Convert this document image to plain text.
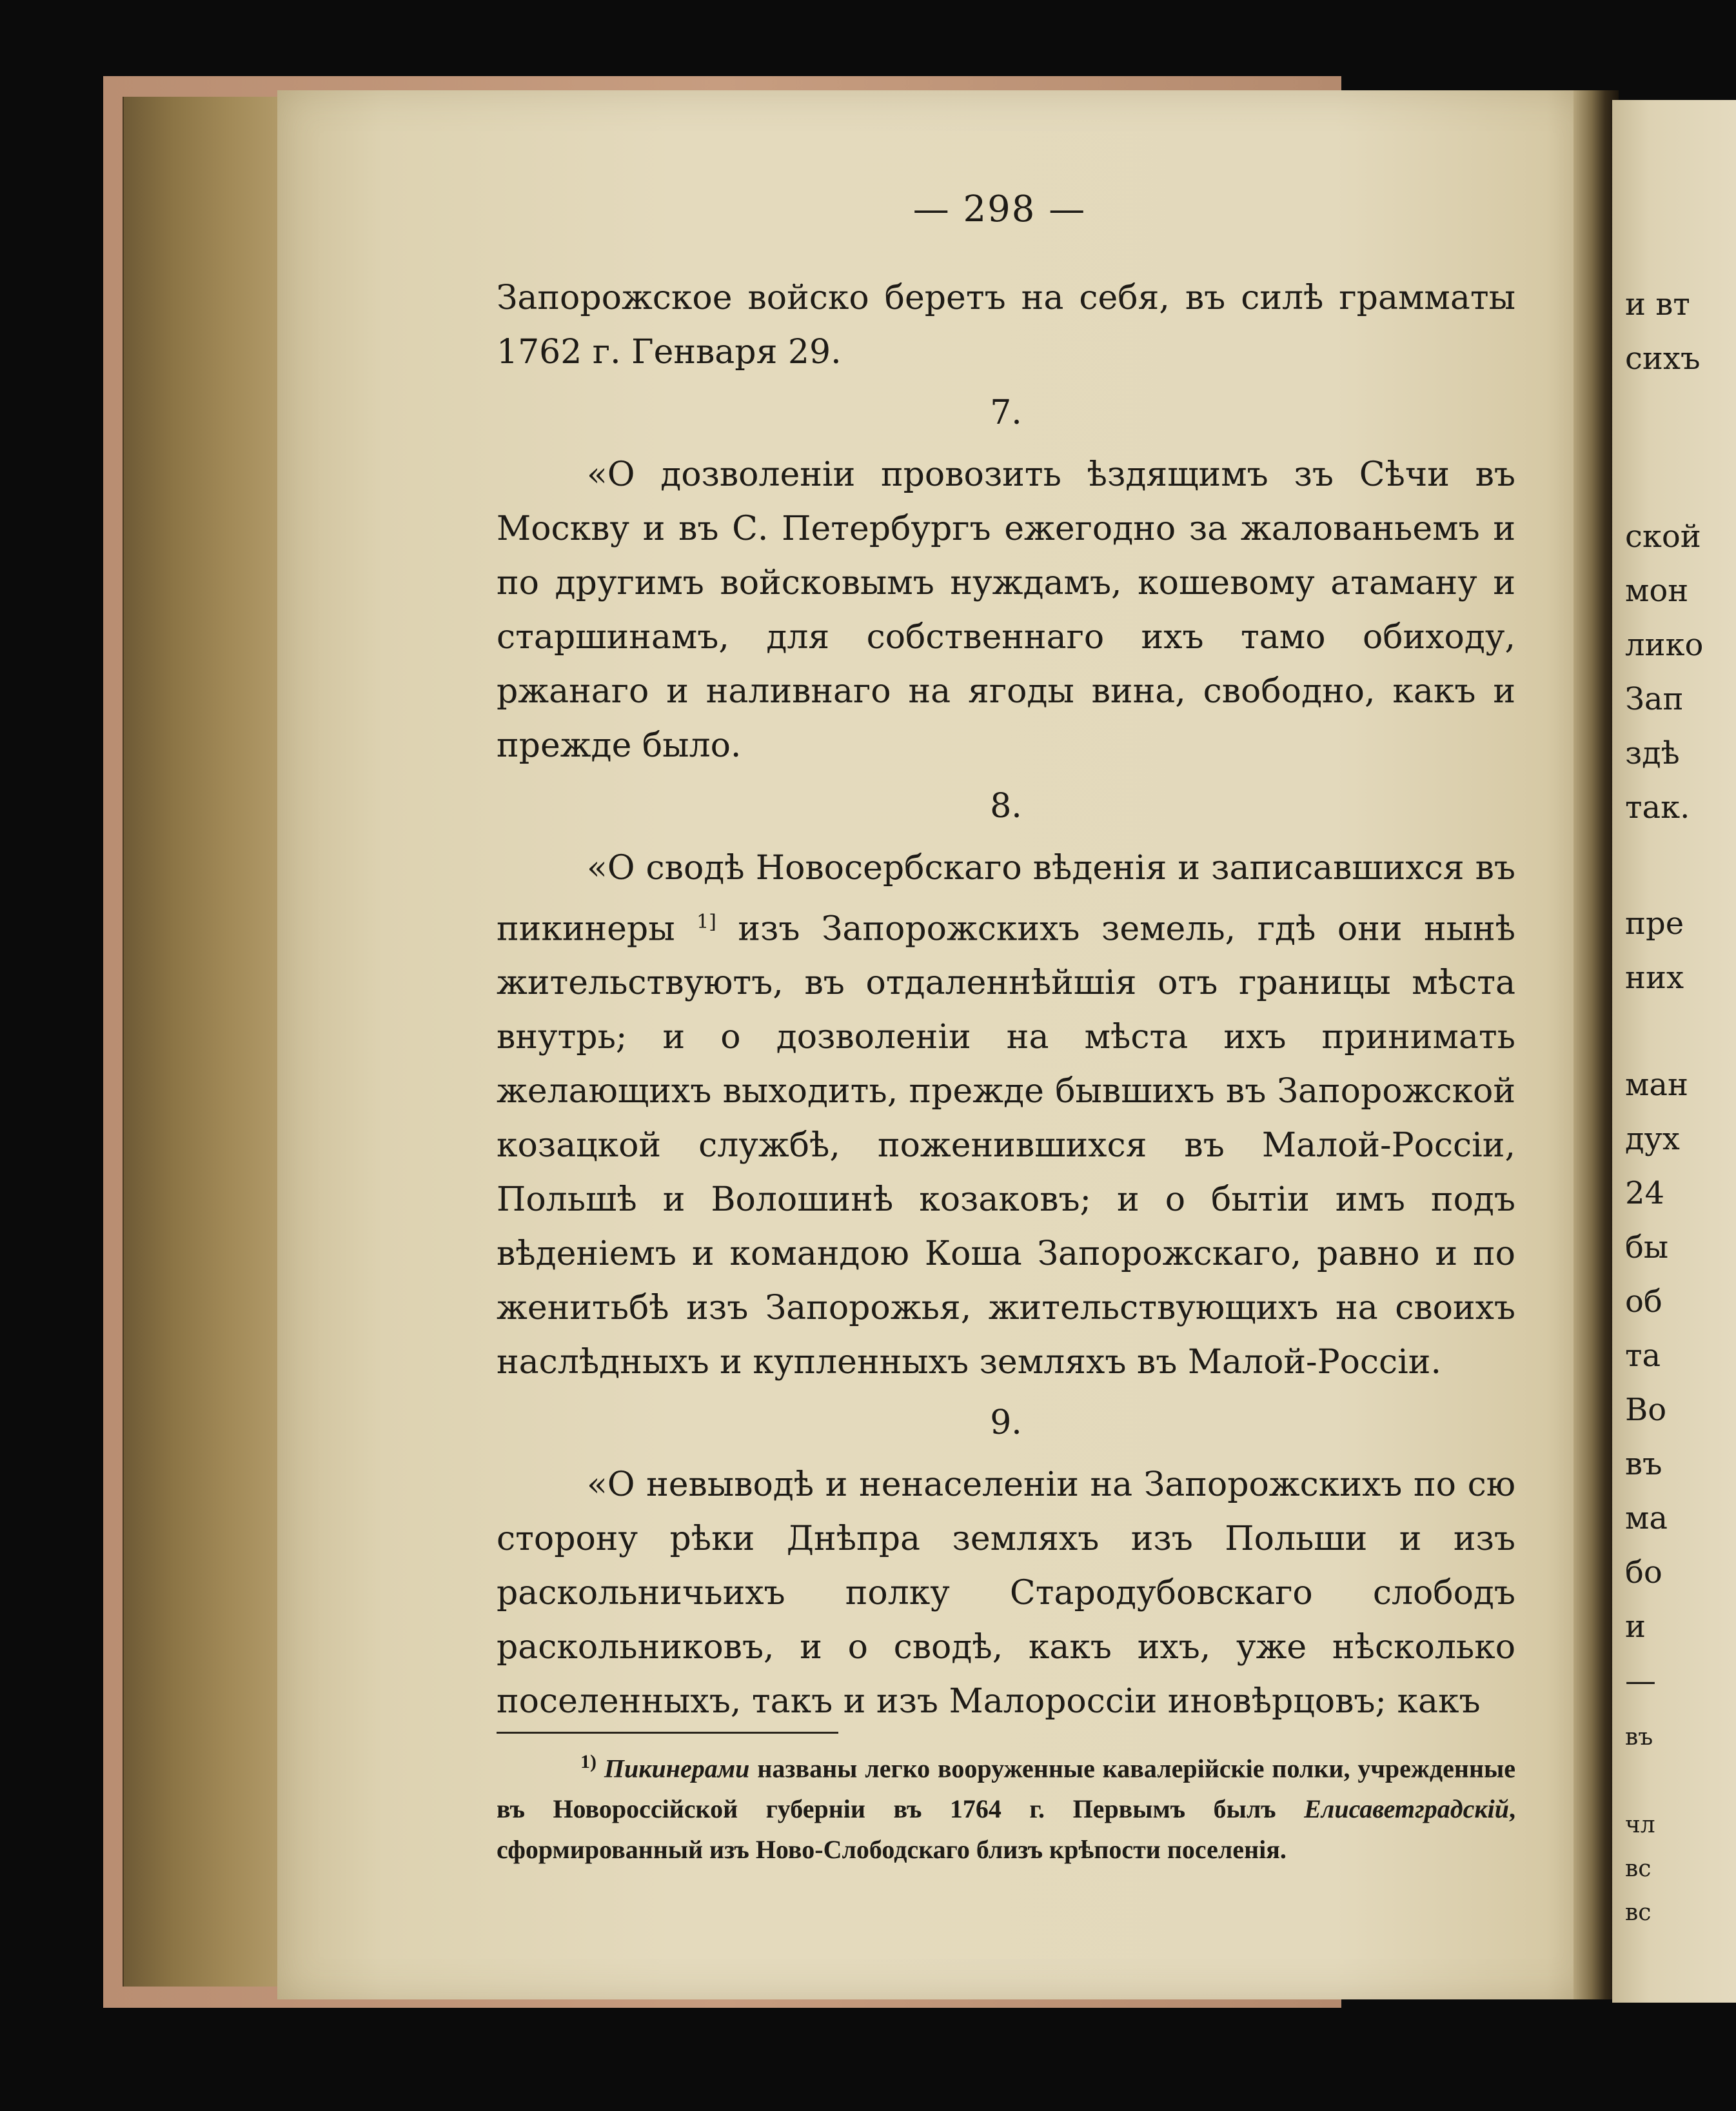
— 298 —

Запорожское войско беретъ на себя, въ силѣ грамматы 1762 г. Генваря 29.

7.

«О дозволеніи провозить ѣздящимъ зъ Сѣчи въ Москву и въ С. Петербургъ ежегодно за жалованьемъ и по другимъ войсковымъ нуждамъ, кошевому атаману и старшинамъ, для собственнаго ихъ тамо обиходу, ржанаго и наливнаго на ягоды вина, свободно, какъ и прежде было.

8.

«О сводѣ Новосербскаго вѣденія и записавшихся въ пикинеры $^{1]}$ изъ Запорожскихъ земель, гдѣ они нынѣ жительствуютъ, въ отдаленнѣйшія отъ границы мѣста внутрь; и о дозволеніи на мѣста ихъ принимать желающихъ выходить, прежде бывшихъ въ Запорожской козацкой службѣ, поженившихся въ Малой-Россіи, Польшѣ и Волошинѣ козаковъ; и о бытіи имъ подъ вѣденіемъ и командою Коша Запорожскаго, равно и по женитьбѣ изъ Запорожья, жительствующихъ на своихъ наслѣдныхъ и купленныхъ земляхъ въ Малой-Россіи.

9.

«О невыводѣ и ненаселеніи на Запорожскихъ по сю сторону рѣки Днѣпра земляхъ изъ Польши и изъ раскольничьихъ полку Стародубовскаго слободъ раскольниковъ, и о сводѣ, какъ ихъ, уже нѣсколько поселенныхъ, такъ и изъ Малороссіи иновѣрцовъ; какъ

$^{1)}$ Пикинерами названы легко вооруженные кавалерійскіе полки, учрежденные въ Новороссійской губерніи въ 1764 г. Первымъ былъ Елисаветградскій, сформированный изъ Ново-Слободскаго близъ крѣпости поселенія.
и вт
сихъ
ской
мон
лико
Зап
здѣ
так.
пре
них
ман
дух
24
бы
об
та
Во
въ
ма
бо
и
—
въ

чл
вс
вс
